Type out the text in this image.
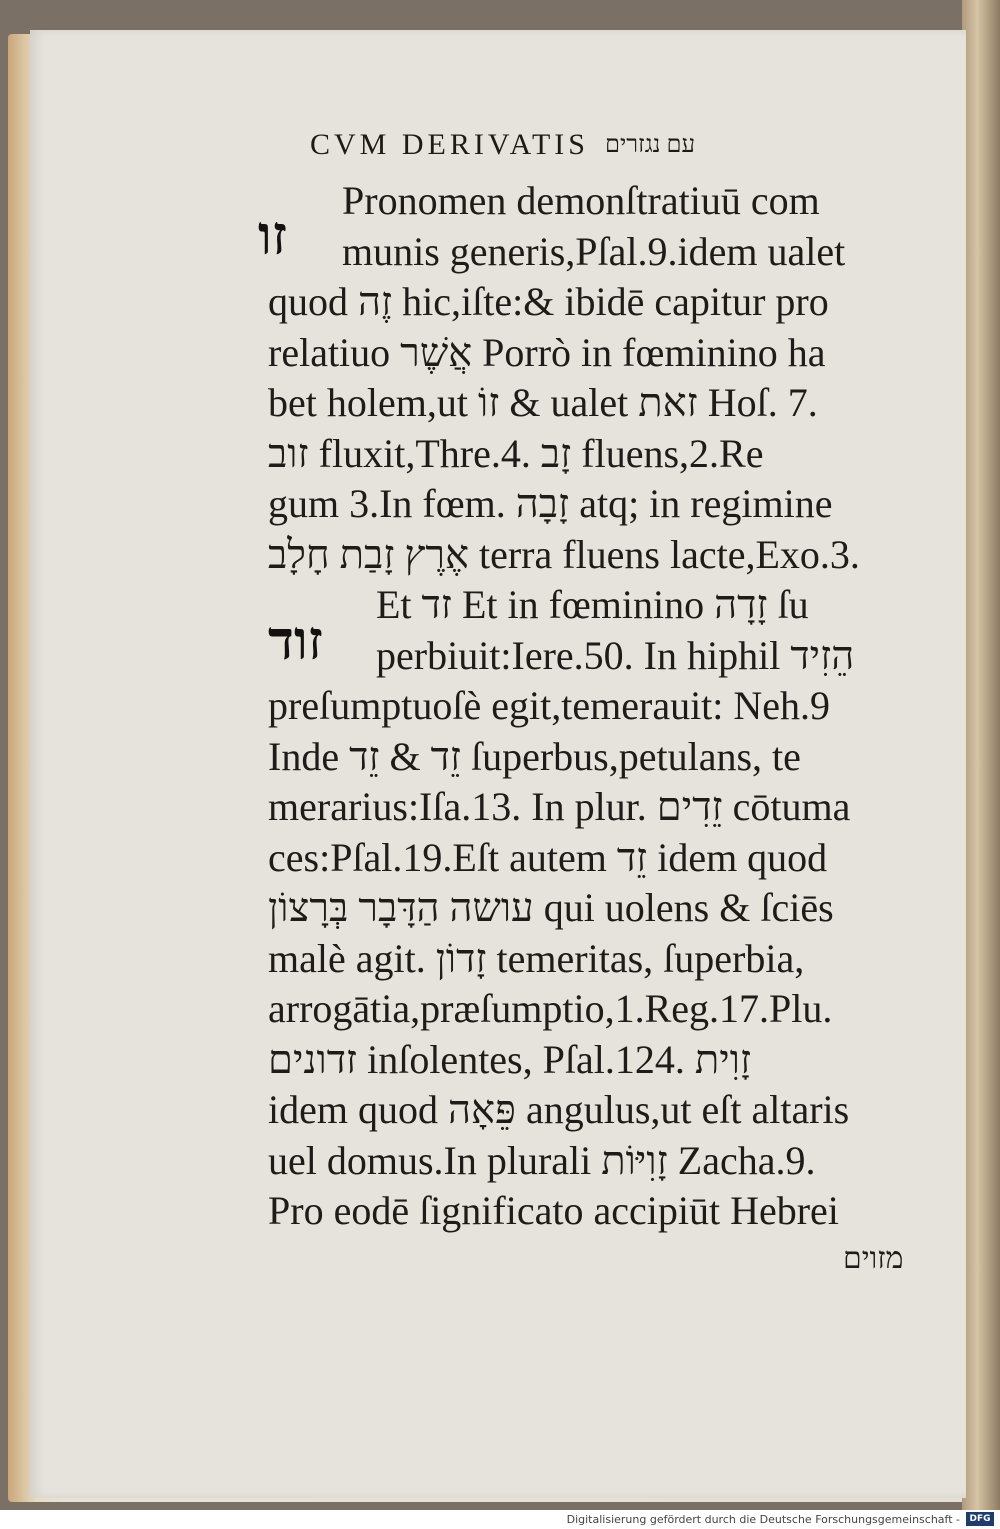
CVM DERIVATIS עם נגזרים
זו
זוד
Pronomen demonſtratiuū com
munis generis,Pſal.9.idem ualet
quod זֶה hic,iſte:& ibidē capitur pro
relatiuo אֲשֶׁר Porrò in fœminino ha
bet holem,ut זוֹ & ualet זאת Hoſ. 7.
זוב fluxit,Thre.4. זָב fluens,2.Re
gum 3.In fœm. זָבָה atq; in regimine
אֶרֶץ זָבַת חָלָב terra fluens lacte,Exo.3.
Et זד Et in fœminino זָדָה ſu
perbiuit:Iere.50. In hiphil הֵזִיד
preſumptuoſè egit,temerauit: Neh.9
Inde זֵד & זֵד ſuperbus,petulans, te
merarius:Iſa.13. In plur. זֵדִים cōtuma
ces:Pſal.19.Eſt autem זֵד idem quod
עושה הַדָּבָר בְּרָצוֹן qui uolens & ſciēs
malè agit. זָדוֹן temeritas, ſuperbia,
arrogātia,præſumptio,1.Reg.17.Plu.
זדונים inſolentes, Pſal.124. זָוִית
idem quod פֵּאָה angulus,ut eſt altaris
uel domus.In plurali זָוִיּוֹת Zacha.9.
Pro eodē ſignificato accipiūt Hebrei
מזוים
Digitalisierung gefördert durch die Deutsche Forschungsgemeinschaft -	DFG
